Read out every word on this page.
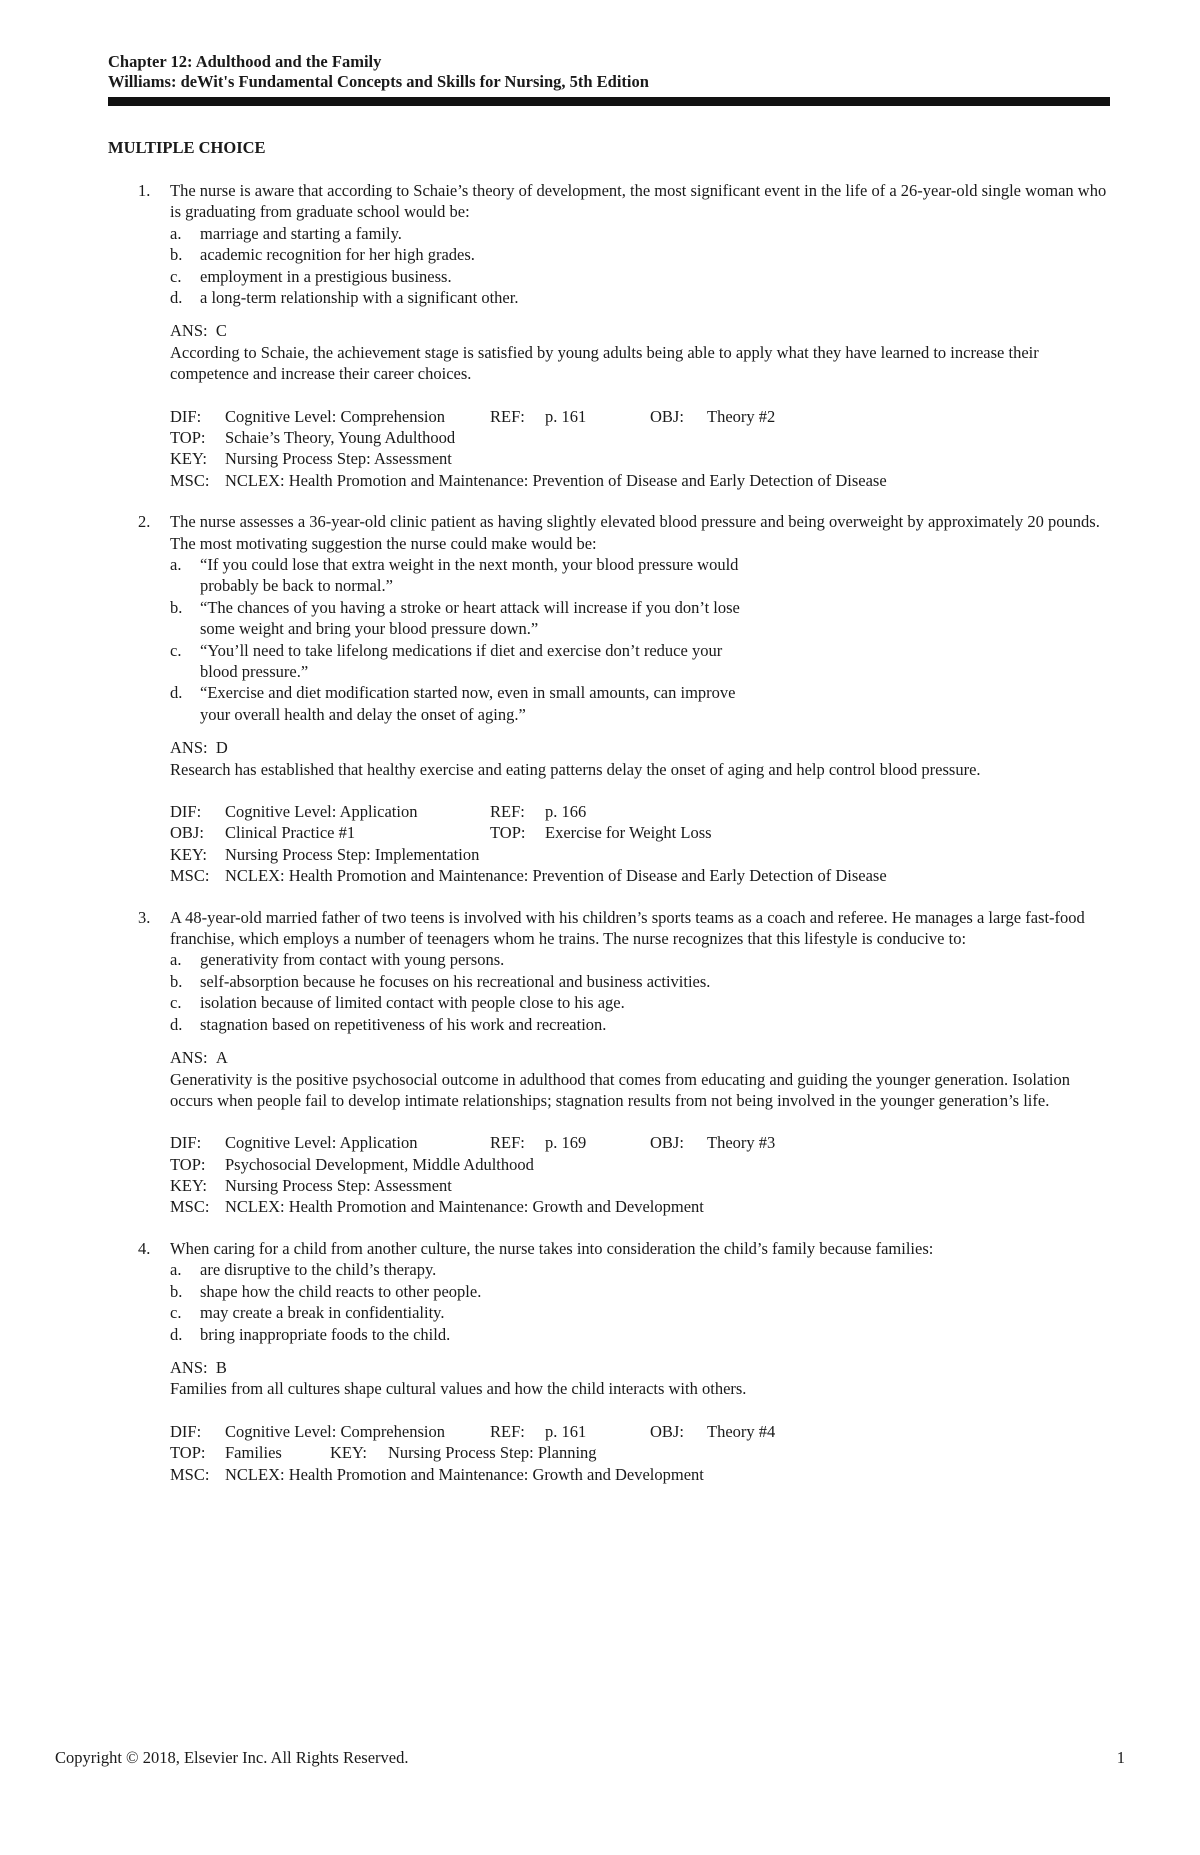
Chapter 12: Adulthood and the Family
Williams: deWit's Fundamental Concepts and Skills for Nursing, 5th Edition
MULTIPLE CHOICE
1. The nurse is aware that according to Schaie’s theory of development, the most significant event in the life of a 26-year-old single woman who is graduating from graduate school would be:
a. marriage and starting a family.
b. academic recognition for her high grades.
c. employment in a prestigious business.
d. a long-term relationship with a significant other.
ANS: C
According to Schaie, the achievement stage is satisfied by young adults being able to apply what they have learned to increase their competence and increase their career choices.
DIF: Cognitive Level: Comprehension	REF: p. 161	OBJ: Theory #2
TOP: Schaie’s Theory, Young Adulthood
KEY: Nursing Process Step: Assessment
MSC: NCLEX: Health Promotion and Maintenance: Prevention of Disease and Early Detection of Disease
2. The nurse assesses a 36-year-old clinic patient as having slightly elevated blood pressure and being overweight by approximately 20 pounds. The most motivating suggestion the nurse could make would be:
a. “If you could lose that extra weight in the next month, your blood pressure would
probably be back to normal.”
b. “The chances of you having a stroke or heart attack will increase if you don’t lose
some weight and bring your blood pressure down.”
c. “You’ll need to take lifelong medications if diet and exercise don’t reduce your
blood pressure.”
d. “Exercise and diet modification started now, even in small amounts, can improve
your overall health and delay the onset of aging.”
ANS: D
Research has established that healthy exercise and eating patterns delay the onset of aging and help control blood pressure.
DIF: Cognitive Level: Application	REF: p. 166
OBJ: Clinical Practice #1	TOP: Exercise for Weight Loss
KEY: Nursing Process Step: Implementation
MSC: NCLEX: Health Promotion and Maintenance: Prevention of Disease and Early Detection of Disease
3. A 48-year-old married father of two teens is involved with his children’s sports teams as a coach and referee. He manages a large fast-food franchise, which employs a number of teenagers whom he trains. The nurse recognizes that this lifestyle is conducive to:
a. generativity from contact with young persons.
b. self-absorption because he focuses on his recreational and business activities.
c. isolation because of limited contact with people close to his age.
d. stagnation based on repetitiveness of his work and recreation.
ANS: A
Generativity is the positive psychosocial outcome in adulthood that comes from educating and guiding the younger generation. Isolation occurs when people fail to develop intimate relationships; stagnation results from not being involved in the younger generation’s life.
DIF: Cognitive Level: Application	REF: p. 169	OBJ: Theory #3
TOP: Psychosocial Development, Middle Adulthood
KEY: Nursing Process Step: Assessment
MSC: NCLEX: Health Promotion and Maintenance: Growth and Development
4. When caring for a child from another culture, the nurse takes into consideration the child’s family because families:
a. are disruptive to the child’s therapy.
b. shape how the child reacts to other people.
c. may create a break in confidentiality.
d. bring inappropriate foods to the child.
ANS: B
Families from all cultures shape cultural values and how the child interacts with others.
DIF: Cognitive Level: Comprehension	REF: p. 161	OBJ: Theory #4
TOP: Families	KEY: Nursing Process Step: Planning
MSC: NCLEX: Health Promotion and Maintenance: Growth and Development
Copyright © 2018, Elsevier Inc. All Rights Reserved.	1
